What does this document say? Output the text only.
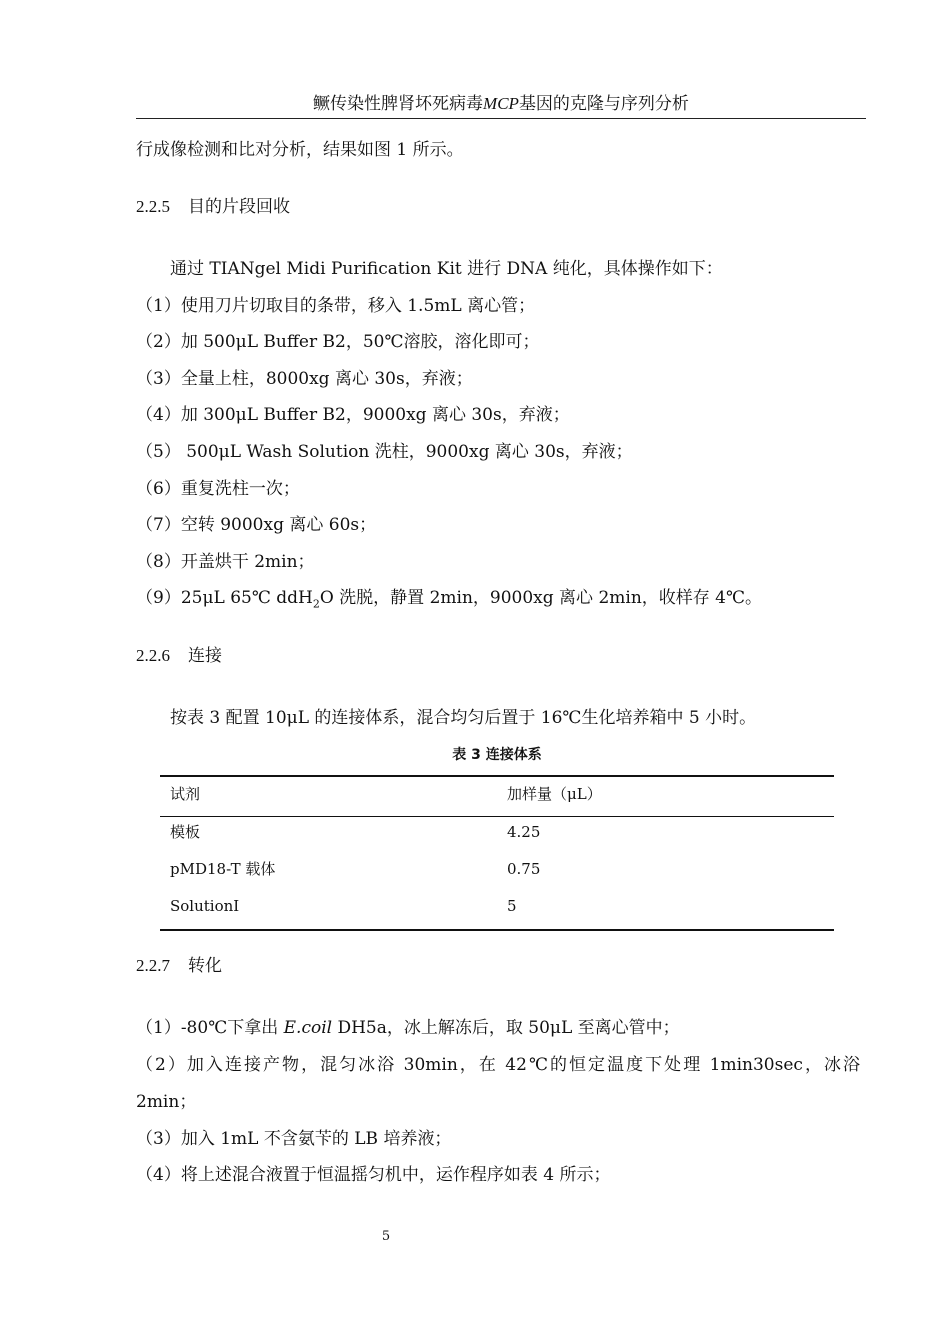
鳜传染性脾肾坏死病毒MCP基因的克隆与序列分析
行成像检测和比对分析，结果如图 1 所示。
2.2.5 目的片段回收
通过 TIANgel Midi Purification Kit 进行 DNA 纯化，具体操作如下：
（1）使用刀片切取目的条带，移入 1.5mL 离心管；
（2）加 500μL Buffer B2，50℃溶胶，溶化即可；
（3）全量上柱，8000xg 离心 30s，弃液；
（4）加 300μL Buffer B2，9000xg 离心 30s，弃液；
（5） 500μL Wash Solution 洗柱，9000xg 离心 30s，弃液；
（6）重复洗柱一次；
（7）空转 9000xg 离心 60s；
（8）开盖烘干 2min；
（9）25μL 65℃ ddH$_2$O 洗脱，静置 2min，9000xg 离心 2min，收样存 4℃。
2.2.6 连接
按表 3 配置 10μL 的连接体系，混合均匀后置于 16℃生化培养箱中 5 小时。
表 3 连接体系
试剂	加样量（μL）
模板	4.25
pMD18-T 载体	0.75
SolutionⅠ	5
2.2.7 转化
（1）-80℃下拿出 E.coil DH5a，冰上解冻后，取 50μL 至离心管中；
（2）加入连接产物，混匀冰浴 30min，在 42℃的恒定温度下处理 1min30sec，冰浴
2min；
（3）加入 1mL 不含氨苄的 LB 培养液；
（4）将上述混合液置于恒温摇匀机中，运作程序如表 4 所示；
5
